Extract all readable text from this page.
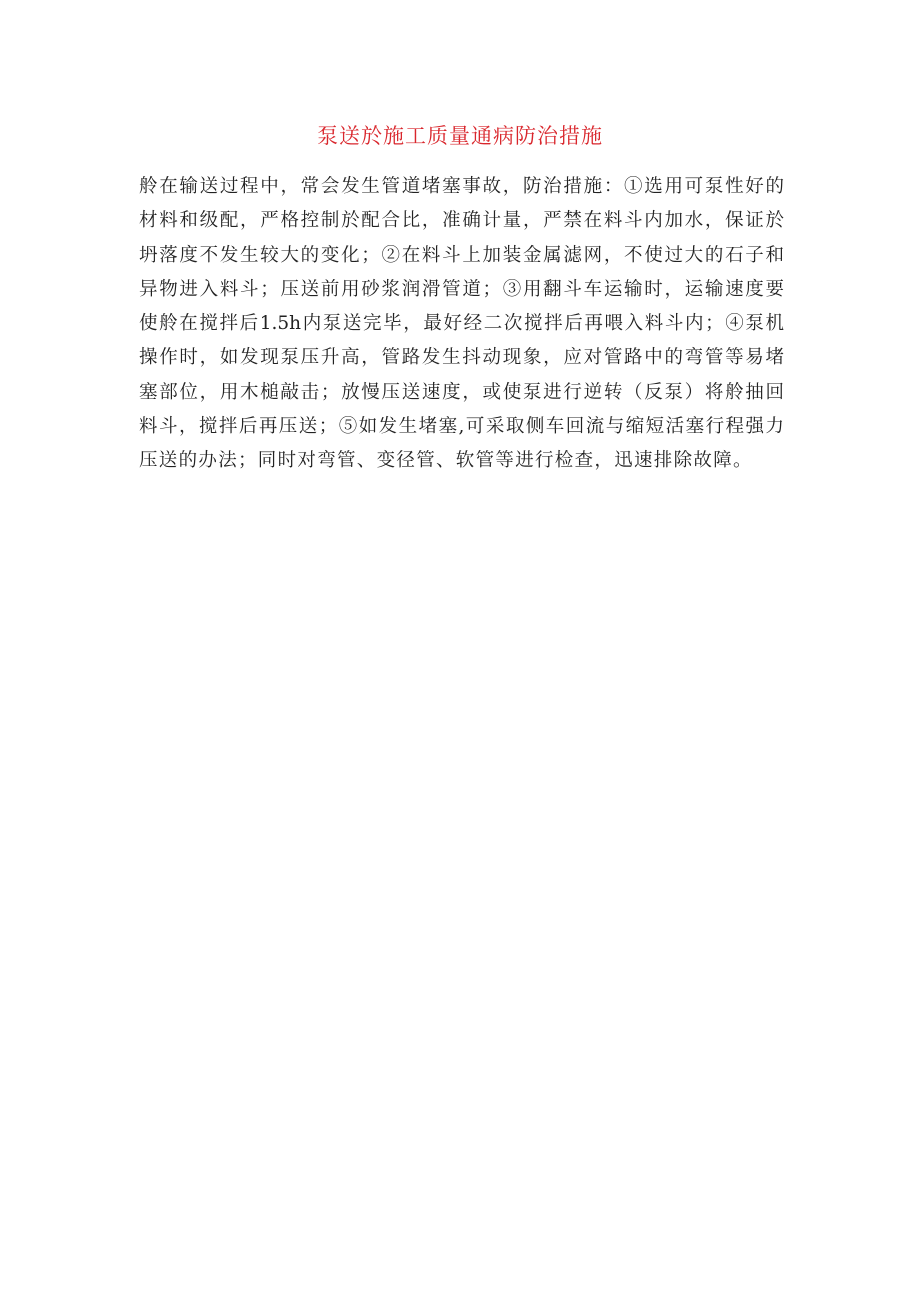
泵送於施工质量通病防治措施
舲在输送过程中，常会发生管道堵塞事故，防治措施：①选用可泵性好的
材料和级配，严格控制於配合比，准确计量，严禁在料斗内加水，保证於
坍落度不发生较大的变化；②在料斗上加装金属滤网，不使过大的石子和
异物进入料斗；压送前用砂浆润滑管道；③用翻斗车运输时，运输速度要
使舲在搅拌后1.5h内泵送完毕，最好经二次搅拌后再喂入料斗内；④泵机
操作时，如发现泵压升高，管路发生抖动现象，应对管路中的弯管等易堵
塞部位，用木槌敲击；放慢压送速度，或使泵进行逆转（反泵）将舲抽回
料斗，搅拌后再压送；⑤如发生堵塞,可采取侧车回流与缩短活塞行程强力
压送的办法；同时对弯管、变径管、软管等进行检查，迅速排除故障。
